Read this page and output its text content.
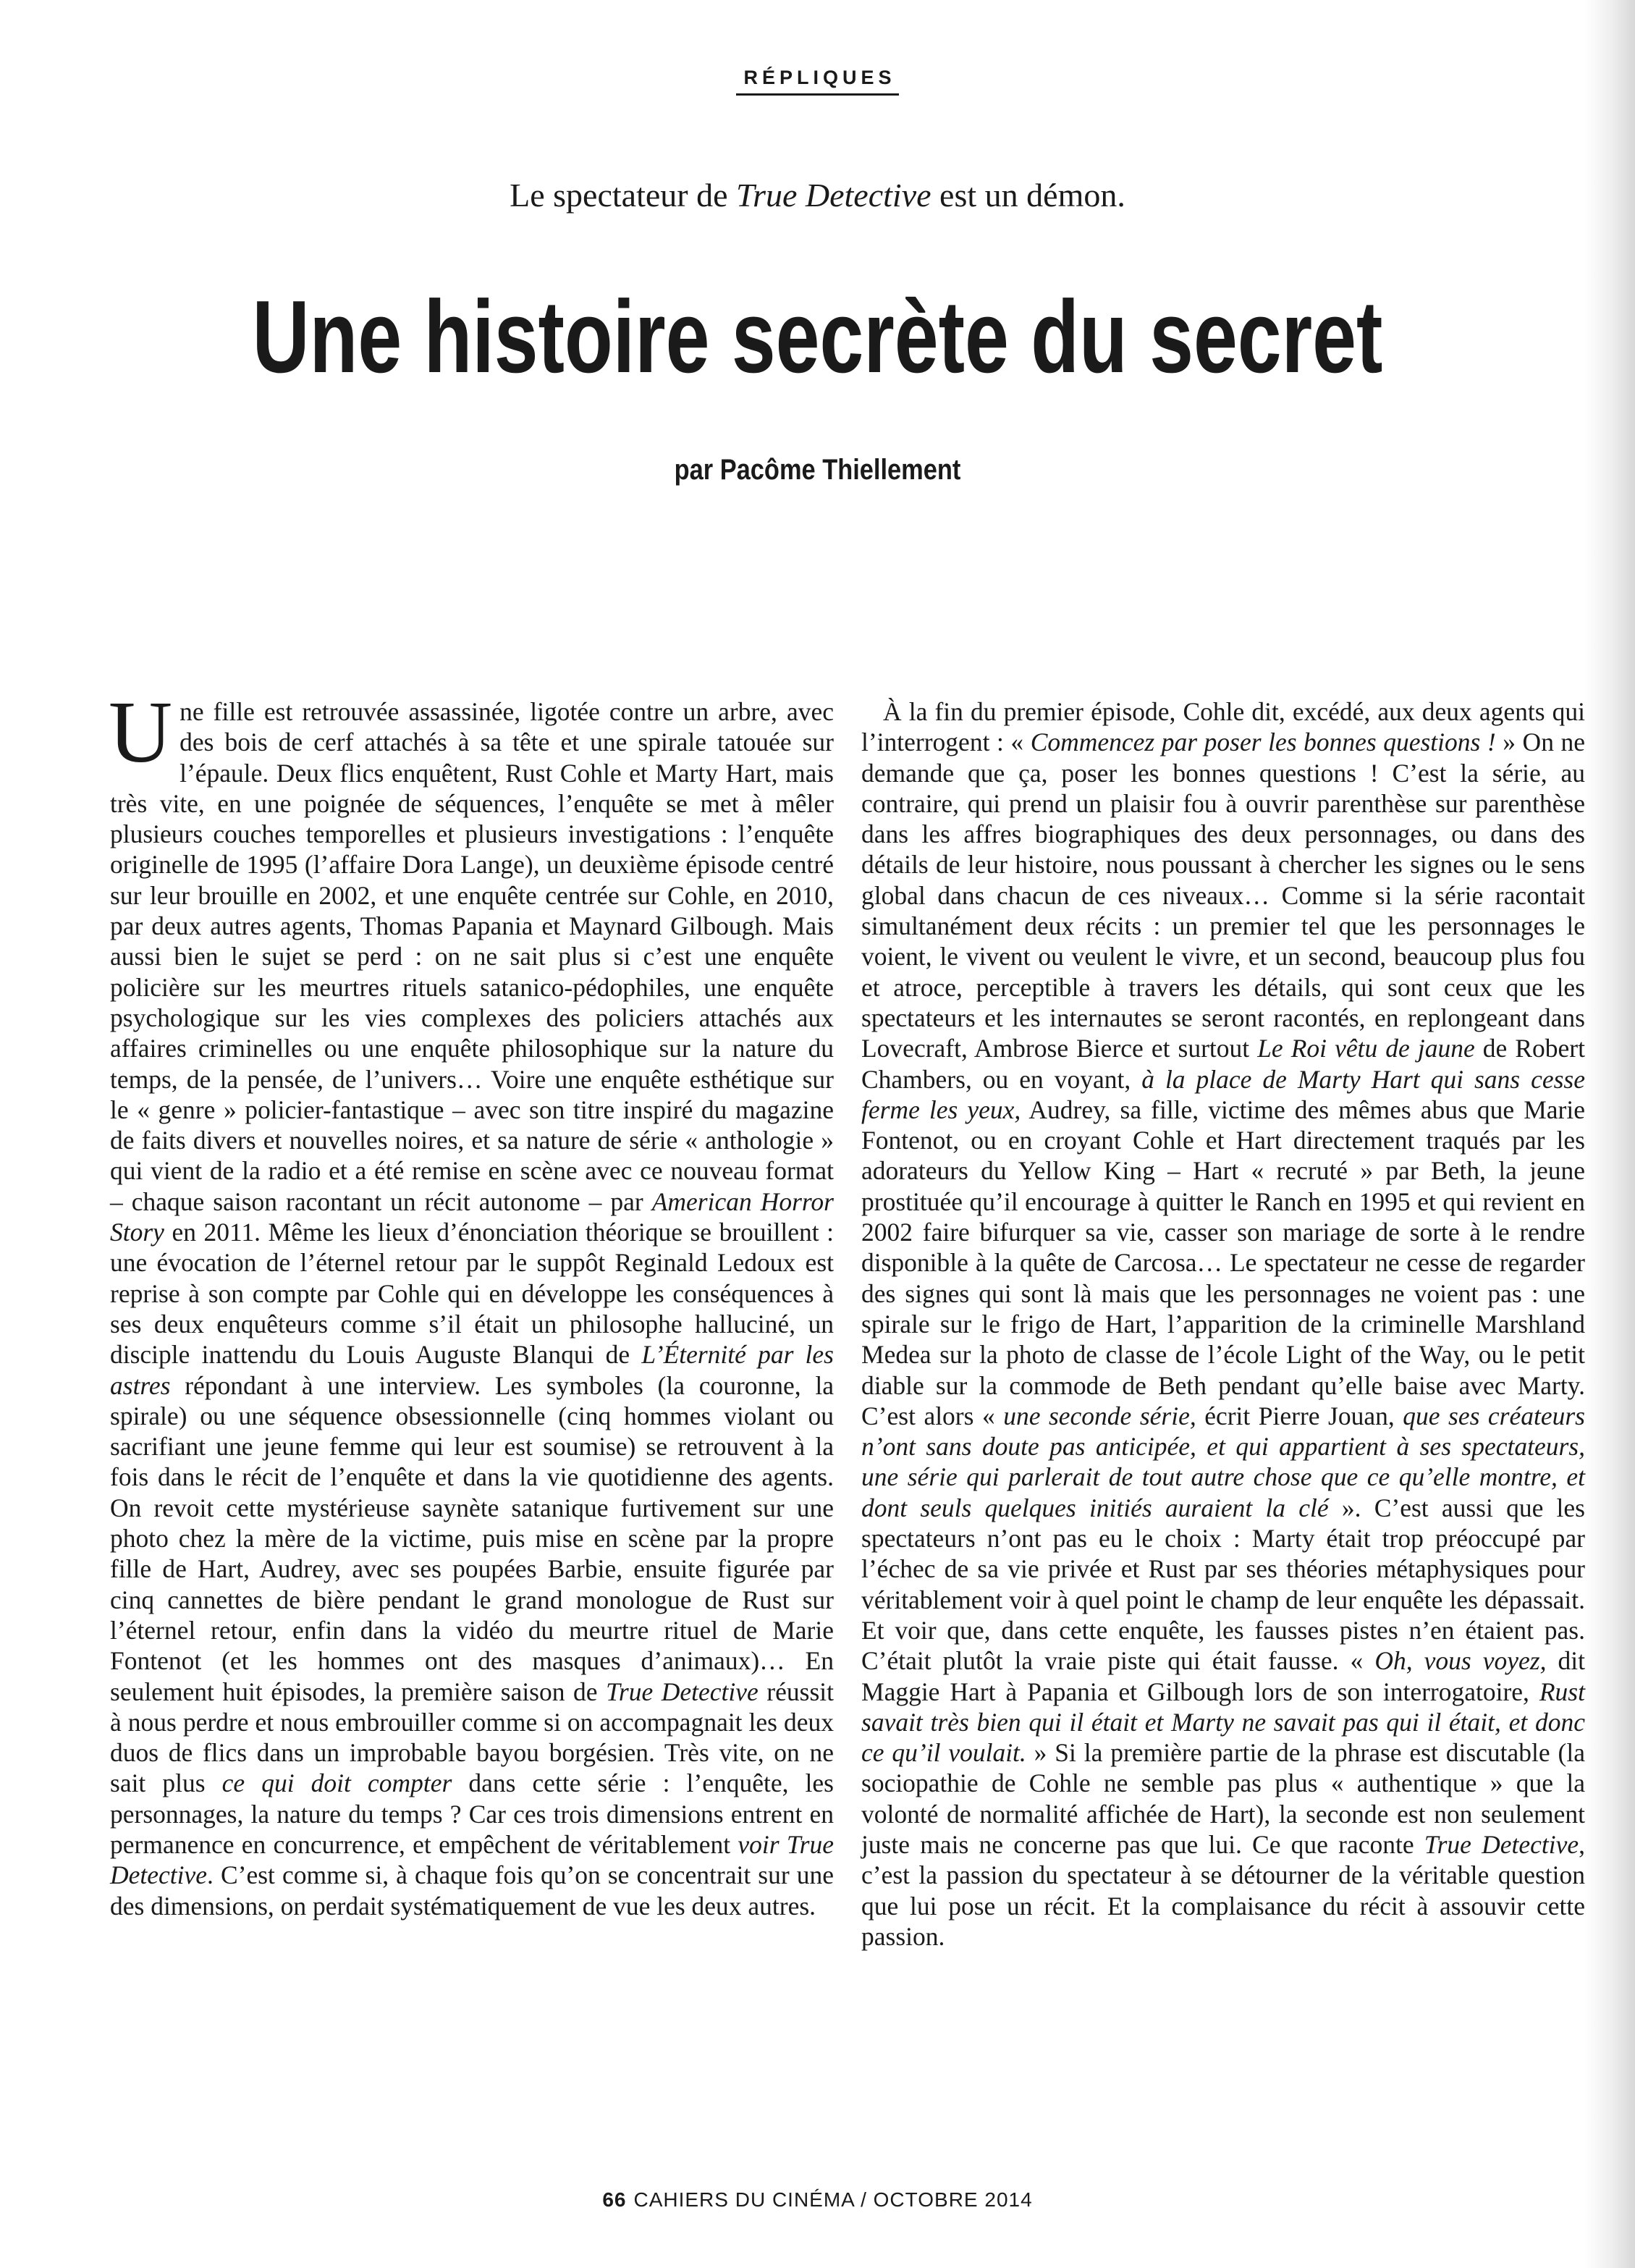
RÉPLIQUES
Le spectateur de True Detective est un démon.
Une histoire secrète du secret
par Pacôme Thiellement

Une fille est retrouvée assassinée, ligotée contre un arbre, avec des bois de cerf attachés à sa tête et une spirale tatouée sur l’épaule. Deux flics enquêtent, Rust Cohle et Marty Hart, mais très vite, en une poignée de séquences, l’enquête se met à mêler plusieurs couches temporelles et plusieurs investigations : l’enquête originelle de 1995 (l’affaire Dora Lange), un deuxième épisode centré sur leur brouille en 2002, et une enquête centrée sur Cohle, en 2010, par deux autres agents, Thomas Papania et Maynard Gilbough. Mais aussi bien le sujet se perd : on ne sait plus si c’est une enquête policière sur les meurtres rituels satanico-pédophiles, une enquête psychologique sur les vies complexes des policiers attachés aux affaires criminelles ou une enquête philosophique sur la nature du temps, de la pensée, de l’univers… Voire une enquête esthétique sur le « genre » policier-fantastique – avec son titre inspiré du magazine de faits divers et nouvelles noires, et sa nature de série « anthologie » qui vient de la radio et a été remise en scène avec ce nouveau format – chaque saison racontant un récit autonome – par American Horror Story en 2011. Même les lieux d’énonciation théorique se brouillent : une évocation de l’éternel retour par le suppôt Reginald Ledoux est reprise à son compte par Cohle qui en développe les conséquences à ses deux enquêteurs comme s’il était un philosophe halluciné, un disciple inattendu du Louis Auguste Blanqui de L’Éternité par les astres répondant à une interview. Les symboles (la couronne, la spirale) ou une séquence obsessionnelle (cinq hommes violant ou sacrifiant une jeune femme qui leur est soumise) se retrouvent à la fois dans le récit de l’enquête et dans la vie quotidienne des agents. On revoit cette mystérieuse saynète satanique furtivement sur une photo chez la mère de la victime, puis mise en scène par la propre fille de Hart, Audrey, avec ses poupées Barbie, ensuite figurée par cinq cannettes de bière pendant le grand monologue de Rust sur l’éternel retour, enfin dans la vidéo du meurtre rituel de Marie Fontenot (et les hommes ont des masques d’animaux)… En seulement huit épisodes, la première saison de True Detective réussit à nous perdre et nous embrouiller comme si on accompagnait les deux duos de flics dans un improbable bayou borgésien. Très vite, on ne sait plus ce qui doit compter dans cette série : l’enquête, les personnages, la nature du temps ? Car ces trois dimensions entrent en permanence en concurrence, et empêchent de véritablement voir True Detective. C’est comme si, à chaque fois qu’on se concentrait sur une des dimensions, on perdait systématiquement de vue les deux autres.

À la fin du premier épisode, Cohle dit, excédé, aux deux agents qui l’interrogent : « Commencez par poser les bonnes questions ! » On ne demande que ça, poser les bonnes questions ! C’est la série, au contraire, qui prend un plaisir fou à ouvrir parenthèse sur parenthèse dans les affres biographiques des deux personnages, ou dans des détails de leur histoire, nous poussant à chercher les signes ou le sens global dans chacun de ces niveaux… Comme si la série racontait simultanément deux récits : un premier tel que les personnages le voient, le vivent ou veulent le vivre, et un second, beaucoup plus fou et atroce, perceptible à travers les détails, qui sont ceux que les spectateurs et les internautes se seront racontés, en replongeant dans Lovecraft, Ambrose Bierce et surtout Le Roi vêtu de jaune de Robert Chambers, ou en voyant, à la place de Marty Hart qui sans cesse ferme les yeux, Audrey, sa fille, victime des mêmes abus que Marie Fontenot, ou en croyant Cohle et Hart directement traqués par les adorateurs du Yellow King – Hart « recruté » par Beth, la jeune prostituée qu’il encourage à quitter le Ranch en 1995 et qui revient en 2002 faire bifurquer sa vie, casser son mariage de sorte à le rendre disponible à la quête de Carcosa… Le spectateur ne cesse de regarder des signes qui sont là mais que les personnages ne voient pas : une spirale sur le frigo de Hart, l’apparition de la criminelle Marshland Medea sur la photo de classe de l’école Light of the Way, ou le petit diable sur la commode de Beth pendant qu’elle baise avec Marty. C’est alors « une seconde série, écrit Pierre Jouan, que ses créateurs n’ont sans doute pas anticipée, et qui appartient à ses spectateurs, une série qui parlerait de tout autre chose que ce qu’elle montre, et dont seuls quelques initiés auraient la clé ». C’est aussi que les spectateurs n’ont pas eu le choix : Marty était trop préoccupé par l’échec de sa vie privée et Rust par ses théories métaphysiques pour véritablement voir à quel point le champ de leur enquête les dépassait. Et voir que, dans cette enquête, les fausses pistes n’en étaient pas. C’était plutôt la vraie piste qui était fausse. « Oh, vous voyez, dit Maggie Hart à Papania et Gilbough lors de son interrogatoire, Rust savait très bien qui il était et Marty ne savait pas qui il était, et donc ce qu’il voulait. » Si la première partie de la phrase est discutable (la sociopathie de Cohle ne semble pas plus « authentique » que la volonté de normalité affichée de Hart), la seconde est non seulement juste mais ne concerne pas que lui. Ce que raconte True Detective, c’est la passion du spectateur à se détourner de la véritable question que lui pose un récit. Et la complaisance du récit à assouvir cette passion.

66 CAHIERS DU CINÉMA / OCTOBRE 2014
